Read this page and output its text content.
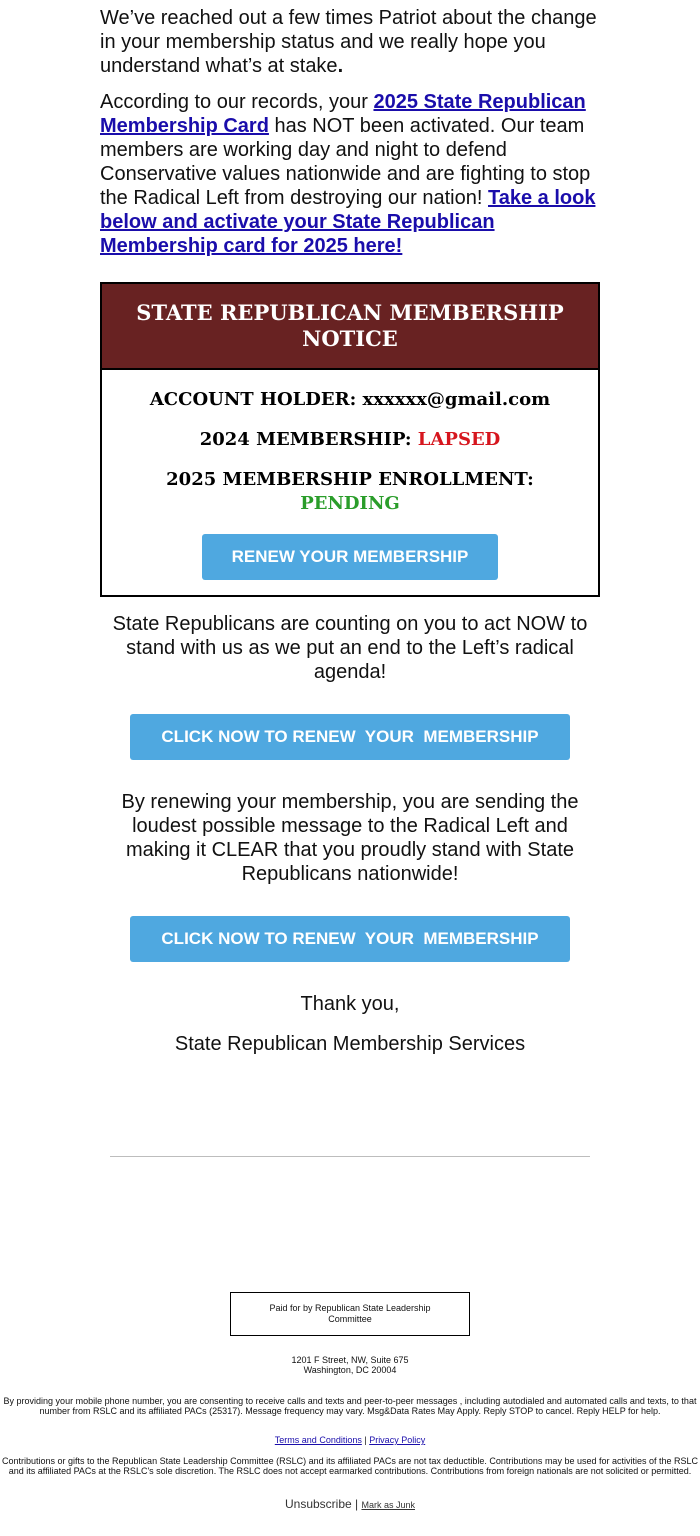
We’ve reached out a few times Patriot about the change in your membership status and we really hope you understand what’s at stake.

According to our records, your 2025 State Republican Membership Card has NOT been activated. Our team members are working day and night to defend Conservative values nationwide and are fighting to stop the Radical Left from destroying our nation! Take a look below and activate your State Republican Membership card for 2025 here!

STATE REPUBLICAN MEMBERSHIP NOTICE
ACCOUNT HOLDER: xxxxxx@gmail.com
2024 MEMBERSHIP: LAPSED
2025 MEMBERSHIP ENROLLMENT:
PENDING
RENEW YOUR MEMBERSHIP

State Republicans are counting on you to act NOW to stand with us as we put an end to the Left’s radical agenda!

CLICK NOW TO RENEW  YOUR  MEMBERSHIP

By renewing your membership, you are sending the loudest possible message to the Radical Left and making it CLEAR that you proudly stand with State Republicans nationwide!

CLICK NOW TO RENEW  YOUR  MEMBERSHIP

Thank you,

State Republican Membership Services

Paid for by Republican State Leadership Committee

1201 F Street, NW, Suite 675

Washington, DC 20004

By providing your mobile phone number, you are consenting to receive calls and texts and peer-to-peer messages , including autodialed and automated calls and texts, to that number from RSLC and its affiliated PACs (25317). Message frequency may vary. Msg&Data Rates May Apply. Reply STOP to cancel. Reply HELP for help.

Terms and Conditions | Privacy Policy

Contributions or gifts to the Republican State Leadership Committee (RSLC) and its affiliated PACs are not tax deductible. Contributions may be used for activities of the RSLC and its affiliated PACs at the RSLC's sole discretion. The RSLC does not accept earmarked contributions. Contributions from foreign nationals are not solicited or permitted.

Unsubscribe | Mark as Junk
